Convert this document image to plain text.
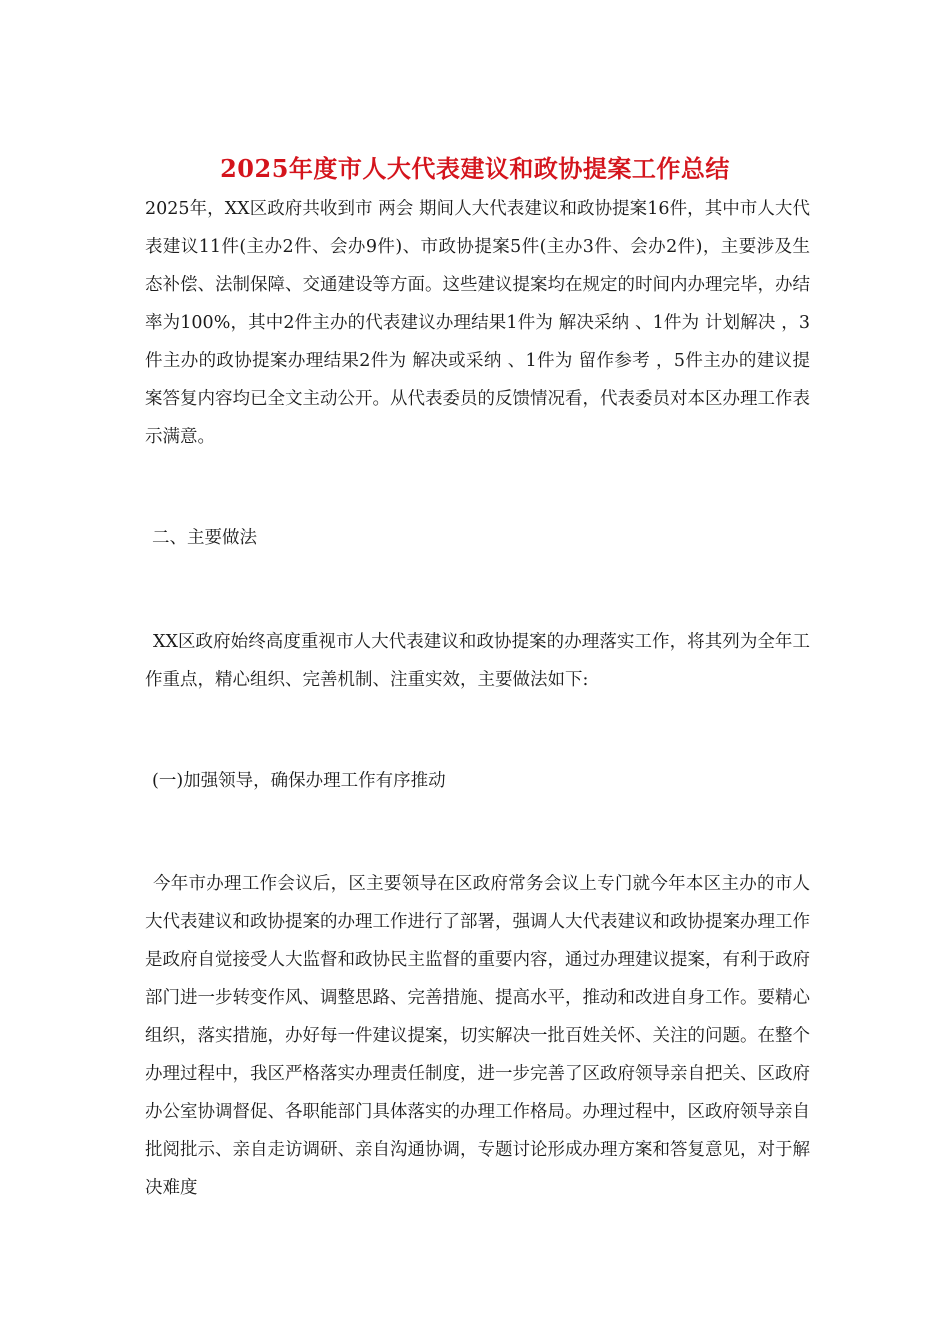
2025年度市人大代表建议和政协提案工作总结

2025年，XX区政府共收到市 两会 期间人大代表建议和政协提案16件，其中市人大代表建议11件(主办2件、会办9件)、市政协提案5件(主办3件、会办2件)，主要涉及生态补偿、法制保障、交通建设等方面。这些建议提案均在规定的时间内办理完毕，办结率为100%，其中2件主办的代表建议办理结果1件为 解决采纳 、1件为 计划解决 ，3件主办的政协提案办理结果2件为 解决或采纳 、1件为 留作参考 ，5件主办的建议提案答复内容均已全文主动公开。从代表委员的反馈情况看，代表委员对本区办理工作表示满意。

二、主要做法

XX区政府始终高度重视市人大代表建议和政协提案的办理落实工作，将其列为全年工作重点，精心组织、完善机制、注重实效，主要做法如下:

(一)加强领导，确保办理工作有序推动

今年市办理工作会议后，区主要领导在区政府常务会议上专门就今年本区主办的市人大代表建议和政协提案的办理工作进行了部署，强调人大代表建议和政协提案办理工作是政府自觉接受人大监督和政协民主监督的重要内容，通过办理建议提案，有利于政府部门进一步转变作风、调整思路、完善措施、提高水平，推动和改进自身工作。要精心组织，落实措施，办好每一件建议提案，切实解决一批百姓关怀、关注的问题。在整个办理过程中，我区严格落实办理责任制度，进一步完善了区政府领导亲自把关、区政府办公室协调督促、各职能部门具体落实的办理工作格局。办理过程中，区政府领导亲自批阅批示、亲自走访调研、亲自沟通协调，专题讨论形成办理方案和答复意见，对于解决难度
